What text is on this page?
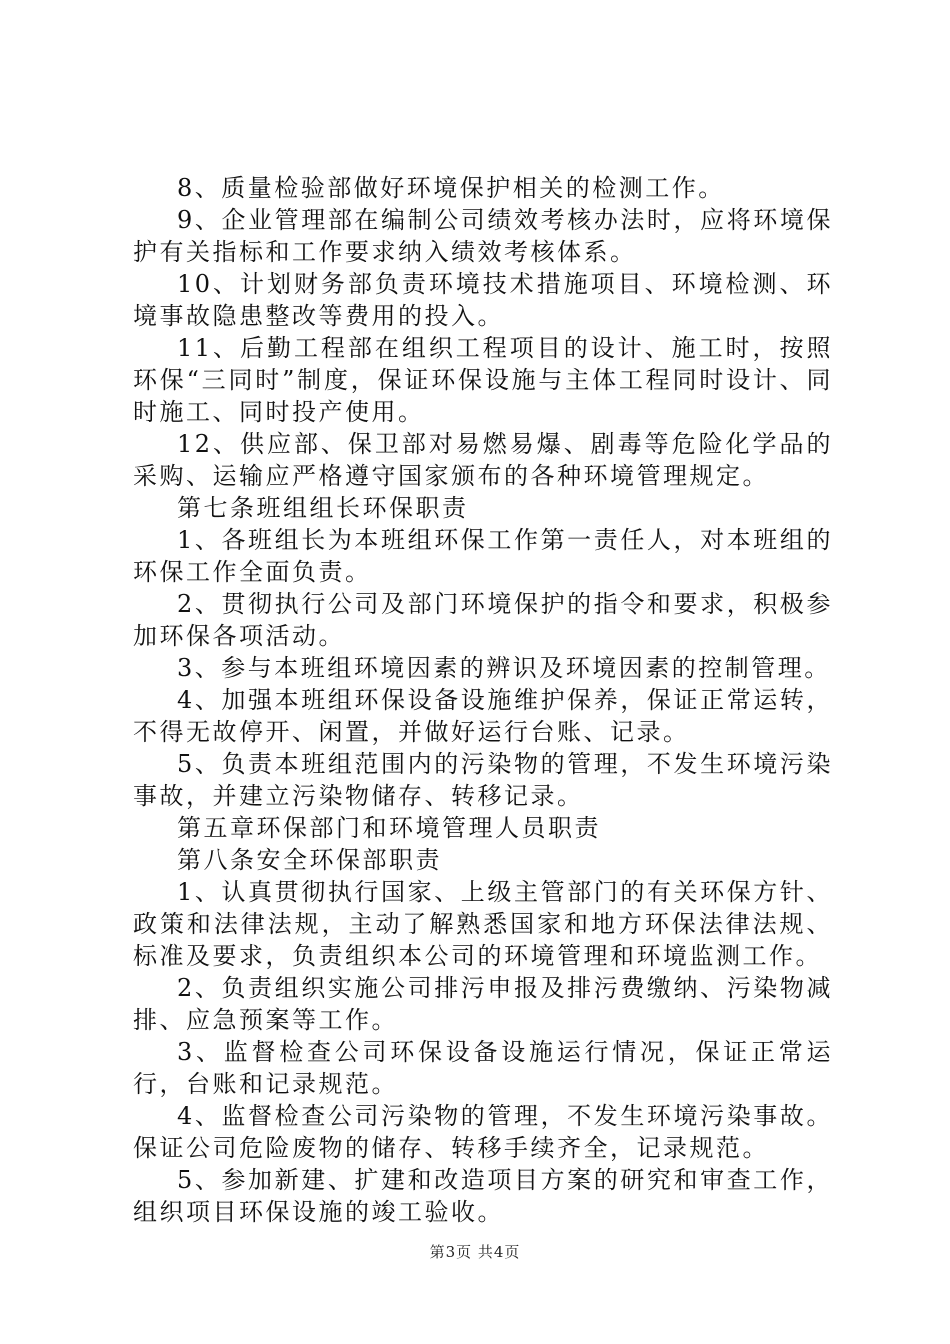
8、质量检验部做好环境保护相关的检测工作。

9、企业管理部在编制公司绩效考核办法时，应将环境保护有关指标和工作要求纳入绩效考核体系。

10、计划财务部负责环境技术措施项目、环境检测、环境事故隐患整改等费用的投入。

11、后勤工程部在组织工程项目的设计、施工时，按照环保“三同时”制度，保证环保设施与主体工程同时设计、同时施工、同时投产使用。

12、供应部、保卫部对易燃易爆、剧毒等危险化学品的采购、运输应严格遵守国家颁布的各种环境管理规定。

第七条班组组长环保职责

1、各班组长为本班组环保工作第一责任人，对本班组的环保工作全面负责。

2、贯彻执行公司及部门环境保护的指令和要求，积极参加环保各项活动。

3、参与本班组环境因素的辨识及环境因素的控制管理。

4、加强本班组环保设备设施维护保养，保证正常运转，不得无故停开、闲置，并做好运行台账、记录。

5、负责本班组范围内的污染物的管理，不发生环境污染事故，并建立污染物储存、转移记录。

第五章环保部门和环境管理人员职责

第八条安全环保部职责

1、认真贯彻执行国家、上级主管部门的有关环保方针、政策和法律法规，主动了解熟悉国家和地方环保法律法规、标准及要求，负责组织本公司的环境管理和环境监测工作。

2、负责组织实施公司排污申报及排污费缴纳、污染物减排、应急预案等工作。

3、监督检查公司环保设备设施运行情况，保证正常运行，台账和记录规范。

4、监督检查公司污染物的管理，不发生环境污染事故。保证公司危险废物的储存、转移手续齐全，记录规范。

5、参加新建、扩建和改造项目方案的研究和审查工作，组织项目环保设施的竣工验收。

第3页 共4页
